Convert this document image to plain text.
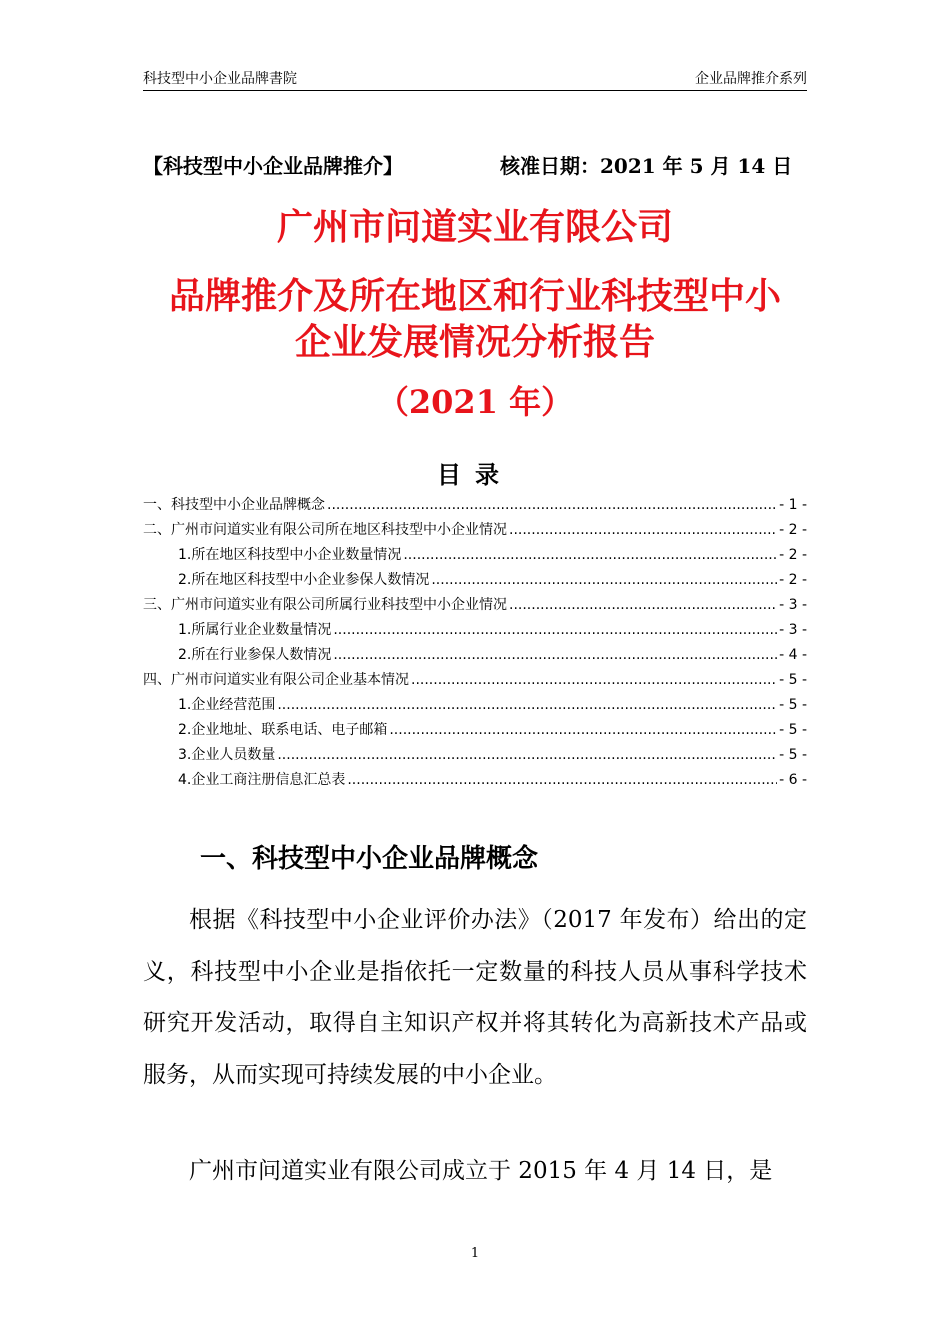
科技型中小企业品牌書院	企业品牌推介系列
【科技型中小企业品牌推介】	核准日期：2021 年 5 月 14 日
广州市问道实业有限公司
品牌推介及所在地区和行业科技型中小
企业发展情况分析报告
（2021 年）
目录
一、科技型中小企业品牌概念 .....	- 1 -
二、广州市问道实业有限公司所在地区科技型中小企业情况 .....	- 2 -
1.所在地区科技型中小企业数量情况 .....	- 2 -
2.所在地区科技型中小企业参保人数情况 .....	- 2 -
三、广州市问道实业有限公司所属行业科技型中小企业情况 .....	- 3 -
1.所属行业企业数量情况 .....	- 3 -
2.所在行业参保人数情况 .....	- 4 -
四、广州市问道实业有限公司企业基本情况 .....	- 5 -
1.企业经营范围 .....	- 5 -
2.企业地址、联系电话、电子邮箱 .....	- 5 -
3.企业人员数量 .....	- 5 -
4.企业工商注册信息汇总表 .....	- 6 -
一、科技型中小企业品牌概念

根据《科技型中小企业评价办法》（2017 年发布）给出的定义，科技型中小企业是指依托一定数量的科技人员从事科学技术研究开发活动，取得自主知识产权并将其转化为高新技术产品或服务，从而实现可持续发展的中小企业。

广州市问道实业有限公司成立于 2015 年 4 月 14 日，是

1
